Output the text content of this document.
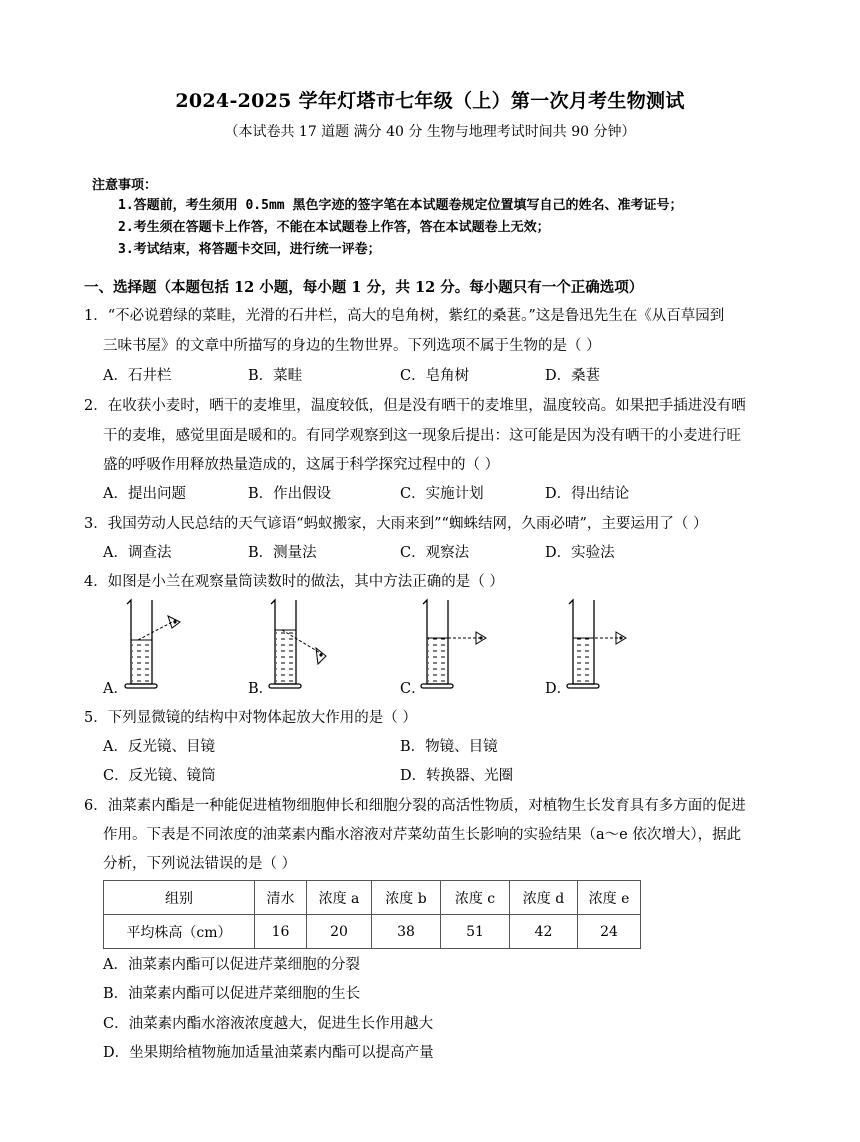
2024-2025 学年灯塔市七年级（上）第一次月考生物测试
（本试卷共 17 道题 满分 40 分 生物与地理考试时间共 90 分钟）
注意事项：
1.答题前，考生须用 0.5mm 黑色字迹的签字笔在本试题卷规定位置填写自己的姓名、准考证号；
2.考生须在答题卡上作答，不能在本试题卷上作答，答在本试题卷上无效；
3.考试结束，将答题卡交回，进行统一评卷；
一、选择题（本题包括 12 小题，每小题 1 分，共 12 分。每小题只有一个正确选项）
1．“不必说碧绿的菜畦，光滑的石井栏，高大的皂角树，紫红的桑葚。”这是鲁迅先生在《从百草园到
三味书屋》的文章中所描写的身边的生物世界。下列选项不属于生物的是（ ）
A．石井栏	B．菜畦	C．皂角树	D．桑葚
2．在收获小麦时，晒干的麦堆里，温度较低，但是没有晒干的麦堆里，温度较高。如果把手插进没有晒
干的麦堆，感觉里面是暖和的。有同学观察到这一现象后提出：这可能是因为没有晒干的小麦进行旺
盛的呼吸作用释放热量造成的，这属于科学探究过程中的（ ）
A．提出问题	B．作出假设	C．实施计划	D．得出结论
3．我国劳动人民总结的天气谚语“蚂蚁搬家，大雨来到”“蜘蛛结网，久雨必晴”，主要运用了（ ）
A．调查法	B．测量法	C．观察法	D．实验法
4．如图是小兰在观察量筒读数时的做法，其中方法正确的是（ ）
A．	B．	C．	D．
5．下列显微镜的结构中对物体起放大作用的是（ ）
A．反光镜、目镜	B．物镜、目镜
C．反光镜、镜筒	D．转换器、光圈
6．油菜素内酯是一种能促进植物细胞伸长和细胞分裂的高活性物质，对植物生长发育具有多方面的促进
作用。下表是不同浓度的油菜素内酯水溶液对芹菜幼苗生长影响的实验结果（a～e 依次增大），据此
分析，下列说法错误的是（ ）
组别	清水	浓度 a	浓度 b	浓度 c	浓度 d	浓度 e
平均株高（cm）	16	20	38	51	42	24
A．油菜素内酯可以促进芹菜细胞的分裂
B．油菜素内酯可以促进芹菜细胞的生长
C．油菜素内酯水溶液浓度越大，促进生长作用越大
D．坐果期给植物施加适量油菜素内酯可以提高产量
